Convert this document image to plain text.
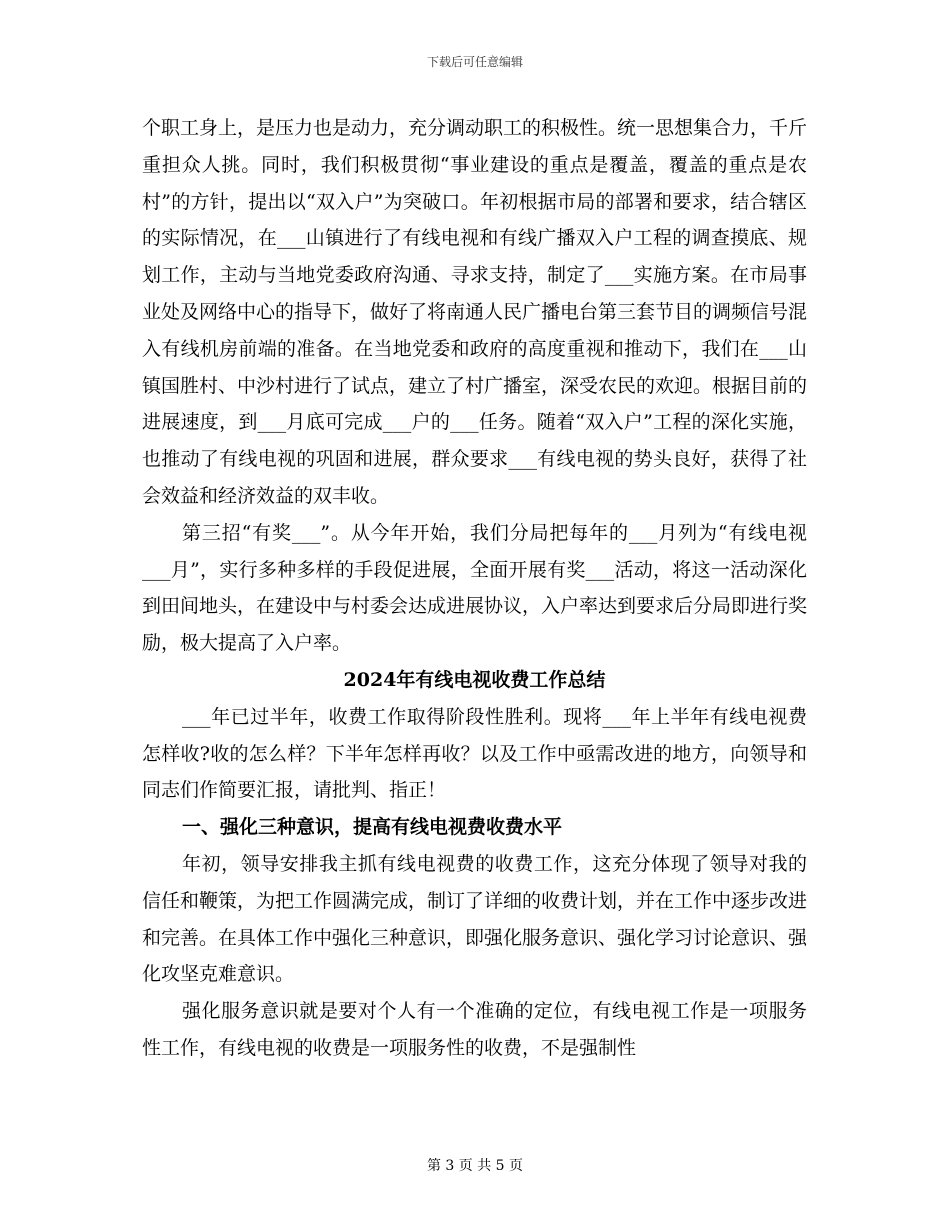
下载后可任意编辑

个职工身上，是压力也是动力，充分调动职工的积极性。统一思想集合力，千斤重担众人挑。同时，我们积极贯彻“事业建设的重点是覆盖，覆盖的重点是农村”的方针，提出以“双入户”为突破口。年初根据市局的部署和要求，结合辖区的实际情况，在___山镇进行了有线电视和有线广播双入户工程的调查摸底、规划工作，主动与当地党委政府沟通、寻求支持，制定了___实施方案。在市局事业处及网络中心的指导下，做好了将南通人民广播电台第三套节目的调频信号混入有线机房前端的准备。在当地党委和政府的高度重视和推动下，我们在___山镇国胜村、中沙村进行了试点，建立了村广播室，深受农民的欢迎。根据目前的进展速度，到___月底可完成___户的___任务。随着“双入户”工程的深化实施，也推动了有线电视的巩固和进展，群众要求___有线电视的势头良好，获得了社会效益和经济效益的双丰收。

第三招“有奖___”。从今年开始，我们分局把每年的___月列为“有线电视___月”，实行多种多样的手段促进展，全面开展有奖___活动，将这一活动深化到田间地头，在建设中与村委会达成进展协议，入户率达到要求后分局即进行奖励，极大提高了入户率。

2024年有线电视收费工作总结

___年已过半年，收费工作取得阶段性胜利。现将___年上半年有线电视费怎样收?收的怎么样？下半年怎样再收？以及工作中亟需改进的地方，向领导和同志们作简要汇报，请批判、指正！

一、强化三种意识，提高有线电视费收费水平

年初，领导安排我主抓有线电视费的收费工作，这充分体现了领导对我的信任和鞭策，为把工作圆满完成，制订了详细的收费计划，并在工作中逐步改进和完善。在具体工作中强化三种意识，即强化服务意识、强化学习讨论意识、强化攻坚克难意识。

强化服务意识就是要对个人有一个准确的定位，有线电视工作是一项服务性工作，有线电视的收费是一项服务性的收费，不是强制性

第 3 页 共 5 页
